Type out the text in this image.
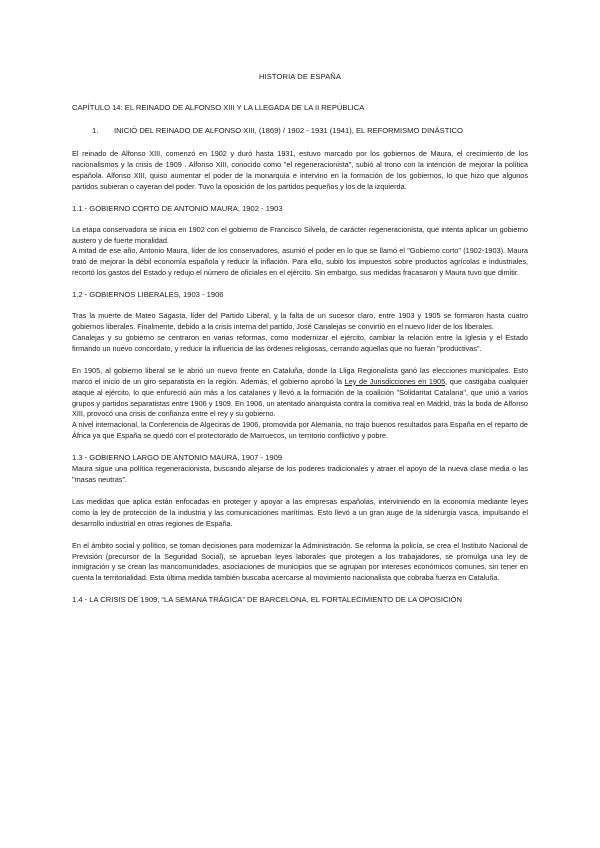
HISTORIA DE ESPAÑA
CAPÍTULO 14: EL REINADO DE ALFONSO XIII Y LA LLEGADA DE LA II REPÚBLICA
1.	INICIÓ DEL REINADO DE ALFONSO XIII, (1869) / 1902 - 1931 (1941), EL REFORMISMO DINÁSTICO

El reinado de Alfonso XIII, comenzó en 1902 y duró hasta 1931, estuvo marcado por los gobiernos de Maura, el crecimiento de los nacionalismos y la crisis de 1909 . Alfonso XIII, conocido como "el regeneracionista", subió al trono con la intención de mejorar la política española. Alfonso XIII, quiso aumentar el poder de la monarquía e intervino en la formación de los gobiernos, lo que hizo que algunos partidos subieran o cayeran del poder. Tuvo la oposición de los partidos pequeños y los de la izquierda.

1.1 - GOBIERNO CORTO DE ANTONIO MAURA, 1902 - 1903

La etapa conservadora se inicia en 1902 con el gobierno de Francisco Silvela, de carácter regeneracionista, que intenta aplicar un gobierno austero y de fuerte moralidad.

A mitad de ese año, Antonio Maura, líder de los conservadores, asumió el poder en lo que se llamó el "Gobierno corto" (1902-1903). Maura trató de mejorar la débil economía española y reducir la inflación. Para ello, subió los impuestos sobre productos agrícolas e industriales, recortó los gastos del Estado y redujo el número de oficiales en el ejército. Sin embargo, sus medidas fracasaron y Maura tuvo que dimitir.

1.2 - GOBIERNOS LIBERALES, 1903 - 1906

Tras la muerte de Mateo Sagasta, líder del Partido Liberal, y la falta de un sucesor claro, entre 1903 y 1905 se formaron hasta cuatro gobiernos liberales. Finalmente, debido a la crisis interna del partido, José Canalejas se convirtió en el nuevo líder de los liberales.

Canalejas y su gobierno se centraron en varias reformas, como modernizar el ejército, cambiar la relación entre la Iglesia y el Estado firmando un nuevo concordato, y reducir la influencia de las órdenes religiosas, cerrando aquellas que no fueran "productivas".

En 1905, al gobierno liberal se le abrió un nuevo frente en Cataluña, donde la Lliga Regionalista ganó las elecciones municipales. Esto marcó el inicio de un giro separatista en la región. Además, el gobierno aprobó la Ley de Jurisdicciones en 1905, que castigaba cualquier ataque al ejército, lo que enfureció aún más a los catalanes y llevó a la formación de la coalición "Solidaritat Catalana", que unió a varios grupos y partidos separatistas entre 1906 y 1909. En 1906, un atentado anarquista contra la comitiva real en Madrid, tras la boda de Alfonso XIII, provocó una crisis de confianza entre el rey y su gobierno.

A nivel internacional, la Conferencia de Algeciras de 1906, promovida por Alemania, no trajo buenos resultados para España en el reparto de África ya que España se quedó con el protectorado de Marruecos, un territorio conflictivo y pobre.

1.3 - GOBIERNO LARGO DE ANTONIO MAURA, 1907 - 1909

Maura sigue una política regeneracionista, buscando alejarse de los poderes tradicionales y atraer el apoyo de la nueva clase media o las "masas neutras".

Las medidas que aplica están enfocadas en proteger y apoyar a las empresas españolas, interviniendo en la economía mediante leyes como la ley de protección de la industria y las comunicaciones marítimas. Esto llevó a un gran auge de la siderurgia vasca, impulsando el desarrollo industrial en otras regiones de España.

En el ámbito social y político, se toman decisiones para modernizar la Administración. Se reforma la policía, se crea el Instituto Nacional de Previsión (precursor de la Seguridad Social), se aprueban leyes laborales que protegen a los trabajadores, se promulga una ley de inmigración y se crean las mancomunidades, asociaciones de municipios que se agrupan por intereses económicos comunes, sin tener en cuenta la territorialidad. Esta última medida también buscaba acercarse al movimiento nacionalista que cobraba fuerza en Cataluña.

1.4 - LA CRISIS DE 1909, “LA SEMANA TRÁGICA” DE BARCELONA, EL FORTALECIMIENTO DE LA OPOSICIÓN
